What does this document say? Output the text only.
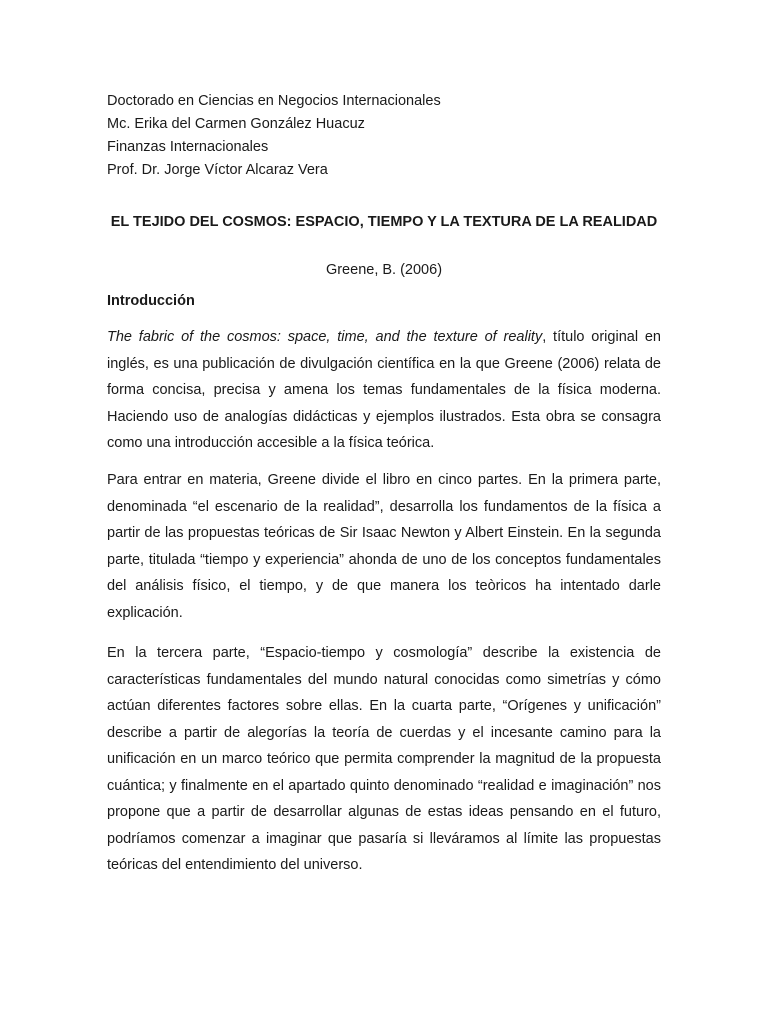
Doctorado en Ciencias en Negocios Internacionales
Mc. Erika del Carmen González Huacuz
Finanzas Internacionales
Prof. Dr. Jorge Víctor Alcaraz Vera
EL TEJIDO DEL COSMOS: ESPACIO, TIEMPO Y LA TEXTURA DE LA REALIDAD
Greene, B. (2006)
Introducción

The fabric of the cosmos: space, time, and the texture of reality, título original en inglés, es una publicación de divulgación científica en la que Greene (2006) relata de forma concisa, precisa y amena los temas fundamentales de la física moderna. Haciendo uso de analogías didácticas y ejemplos ilustrados. Esta obra se consagra como una introducción accesible a la física teórica.

Para entrar en materia, Greene divide el libro en cinco partes. En la primera parte, denominada “el escenario de la realidad”, desarrolla los fundamentos de la física a partir de las propuestas teóricas de Sir Isaac Newton y Albert Einstein. En la segunda parte, titulada “tiempo y experiencia” ahonda de uno de los conceptos fundamentales del análisis físico, el tiempo, y de que manera los teòricos ha intentado darle explicación.

En la tercera parte, “Espacio-tiempo y cosmología” describe la existencia de características fundamentales del mundo natural conocidas como simetrías y cómo actúan diferentes factores sobre ellas. En la cuarta parte, “Orígenes y unificación” describe a partir de alegorías la teoría de cuerdas y el incesante camino para la unificación en un marco teórico que permita comprender la magnitud de la propuesta cuántica; y finalmente en el apartado quinto denominado “realidad e imaginación” nos propone que a partir de desarrollar algunas de estas ideas pensando en el futuro, podríamos comenzar a imaginar que pasaría si lleváramos al límite las propuestas teóricas del entendimiento del universo.
